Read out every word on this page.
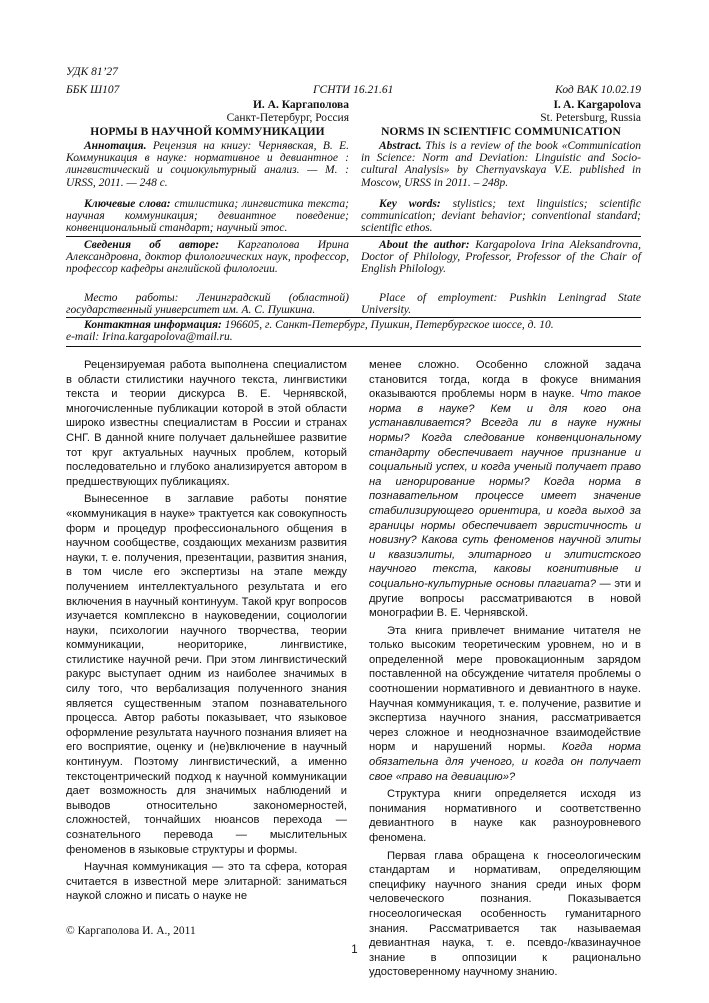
УДК 81’27
ББК Ш107	ГСНТИ 16.21.61	Код ВАК 10.02.19
И. А. Каргаполова	I. A. Kargapolova
Санкт-Петербург, Россия	St. Petersburg, Russia
НОРМЫ В НАУЧНОЙ КОММУНИКАЦИИ	NORMS IN SCIENTIFIC COMMUNICATION
Аннотация. Рецензия на книгу: Чернявская, В. Е. Коммуникация в науке: нормативное и девиантное : лингвистический и социокультурный анализ. — М. : URSS, 2011. — 248 с.
Abstract. This is a review of the book «Communication in Science: Norm and Deviation: Linguistic and Socio-cultural Analysis» by Chernyavskaya V.E. published in Moscow, URSS in 2011. – 248p.
Ключевые слова: стилистика; лингвистика текста; научная коммуникация; девиантное поведение; конвенциональный стандарт; научный этос.
Key words: stylistics; text linguistics; scientific communication; deviant behavior; conventional standard; scientific ethos.
Сведения об авторе: Каргаполова Ирина Александровна, доктор филологических наук, профессор, профессор кафедры английской филологии.
About the author: Kargapolova Irina Aleksandrovna, Doctor of Philology, Professor, Professor of the Chair of English Philology.
Место работы: Ленинградский (областной) государственный университет им. А. С. Пушкина.
Place of employment: Pushkin Leningrad State University.
Контактная информация: 196605, г. Санкт-Петербург, Пушкин, Петербургское шоссе, д. 10.
e-mail: Irina.kargapolova@mail.ru.

Рецензируемая работа выполнена специалистом в области стилистики научного текста, лингвистики текста и теории дискурса В. Е. Чернявской, многочисленные публикации которой в этой области широко известны специалистам в России и странах СНГ. В данной книге получает дальнейшее развитие тот круг актуальных научных проблем, который последовательно и глубоко анализируется автором в предшествующих публикациях.

Вынесенное в заглавие работы понятие «коммуникация в науке» трактуется как совокупность форм и процедур профессионального общения в научном сообществе, создающих механизм развития науки, т. е. получения, презентации, развития знания, в том числе его экспертизы на этапе между получением интеллектуального результата и его включения в научный континуум. Такой круг вопросов изучается комплексно в науковедении, социологии науки, психологии научного творчества, теории коммуникации, неориторике, лингвистике, стилистике научной речи. При этом лингвистический ракурс выступает одним из наиболее значимых в силу того, что вербализация полученного знания является существенным этапом познавательного процесса. Автор работы показывает, что языковое оформление результата научного познания влияет на его восприятие, оценку и (не)включение в научный континуум. Поэтому лингвистический, а именно текстоцентрический подход к научной коммуникации дает возможность для значимых наблюдений и выводов относительно закономерностей, сложностей, тончайших нюансов перехода — сознательного перевода — мыслительных феноменов в языковые структуры и формы.

Научная коммуникация — это та сфера, которая считается в известной мере элитарной: заниматься наукой сложно и писать о науке не

менее сложно. Особенно сложной задача становится тогда, когда в фокусе внимания оказываются проблемы норм в науке. Что такое норма в науке? Кем и для кого она устанавливается? Всегда ли в науке нужны нормы? Когда следование конвенциональному стандарту обеспечивает научное признание и социальный успех, и когда ученый получает право на игнорирование нормы? Когда норма в познавательном процессе имеет значение стабилизирующего ориентира, и когда выход за границы нормы обеспечивает эвристичность и новизну? Какова суть феноменов научной элиты и квазиэлиты, элитарного и элитистского научного текста, каковы когнитивные и социально-культурные основы плагиата? — эти и другие вопросы рассматриваются в новой монографии В. Е. Чернявской.

Эта книга привлечет внимание читателя не только высоким теоретическим уровнем, но и в определенной мере провокационным зарядом поставленной на обсуждение читателя проблемы о соотношении нормативного и девиантного в науке. Научная коммуникация, т. е. получение, развитие и экспертиза научного знания, рассматривается через сложное и неоднозначное взаимодействие норм и нарушений нормы. Когда норма обязательна для ученого, и когда он получает свое «право на девиацию»?

Структура книги определяется исходя из понимания нормативного и соответственно девиантного в науке как разноуровневого феномена.

Первая глава обращена к гносеологическим стандартам и нормативам, определяющим специфику научного знания среди иных форм человеческого познания. Показывается гносеологическая особенность гуманитарного знания. Рассматривается так называемая девиантная наука, т. е. псевдо-/квазинаучное знание в оппозиции к рационально удостоверенному научному знанию.

© Каргаполова И. А., 2011
1
